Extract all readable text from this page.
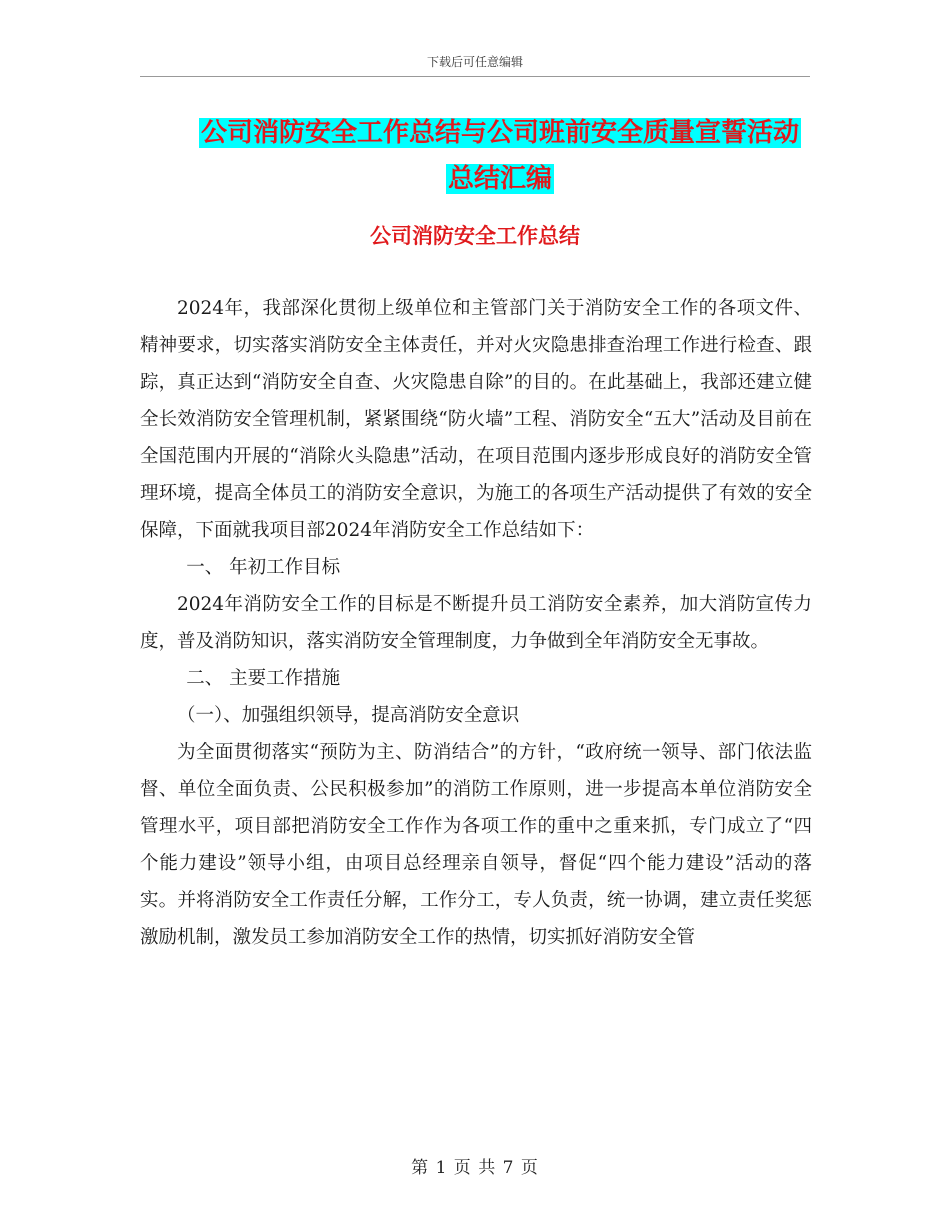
下载后可任意编辑
公司消防安全工作总结与公司班前安全质量宣誓活动
总结汇编
公司消防安全工作总结

2024年，我部深化贯彻上级单位和主管部门关于消防安全工作的各项文件、精神要求，切实落实消防安全主体责任，并对火灾隐患排查治理工作进行检查、跟踪，真正达到“消防安全自查、火灾隐患自除”的目的。在此基础上，我部还建立健全长效消防安全管理机制，紧紧围绕“防火墙”工程、消防安全“五大”活动及目前在全国范围内开展的“消除火头隐患”活动，在项目范围内逐步形成良好的消防安全管理环境，提高全体员工的消防安全意识，为施工的各项生产活动提供了有效的安全保障，下面就我项目部2024年消防安全工作总结如下：

一、 年初工作目标

2024年消防安全工作的目标是不断提升员工消防安全素养，加大消防宣传力度，普及消防知识，落实消防安全管理制度，力争做到全年消防安全无事故。

二、 主要工作措施

（一）、加强组织领导，提高消防安全意识

为全面贯彻落实“预防为主、防消结合”的方针，“政府统一领导、部门依法监督、单位全面负责、公民积极参加”的消防工作原则，进一步提高本单位消防安全管理水平，项目部把消防安全工作作为各项工作的重中之重来抓，专门成立了“四个能力建设”领导小组，由项目总经理亲自领导，督促“四个能力建设”活动的落实。并将消防安全工作责任分解，工作分工，专人负责，统一协调，建立责任奖惩激励机制，激发员工参加消防安全工作的热情，切实抓好消防安全管

第 1 页 共 7 页
